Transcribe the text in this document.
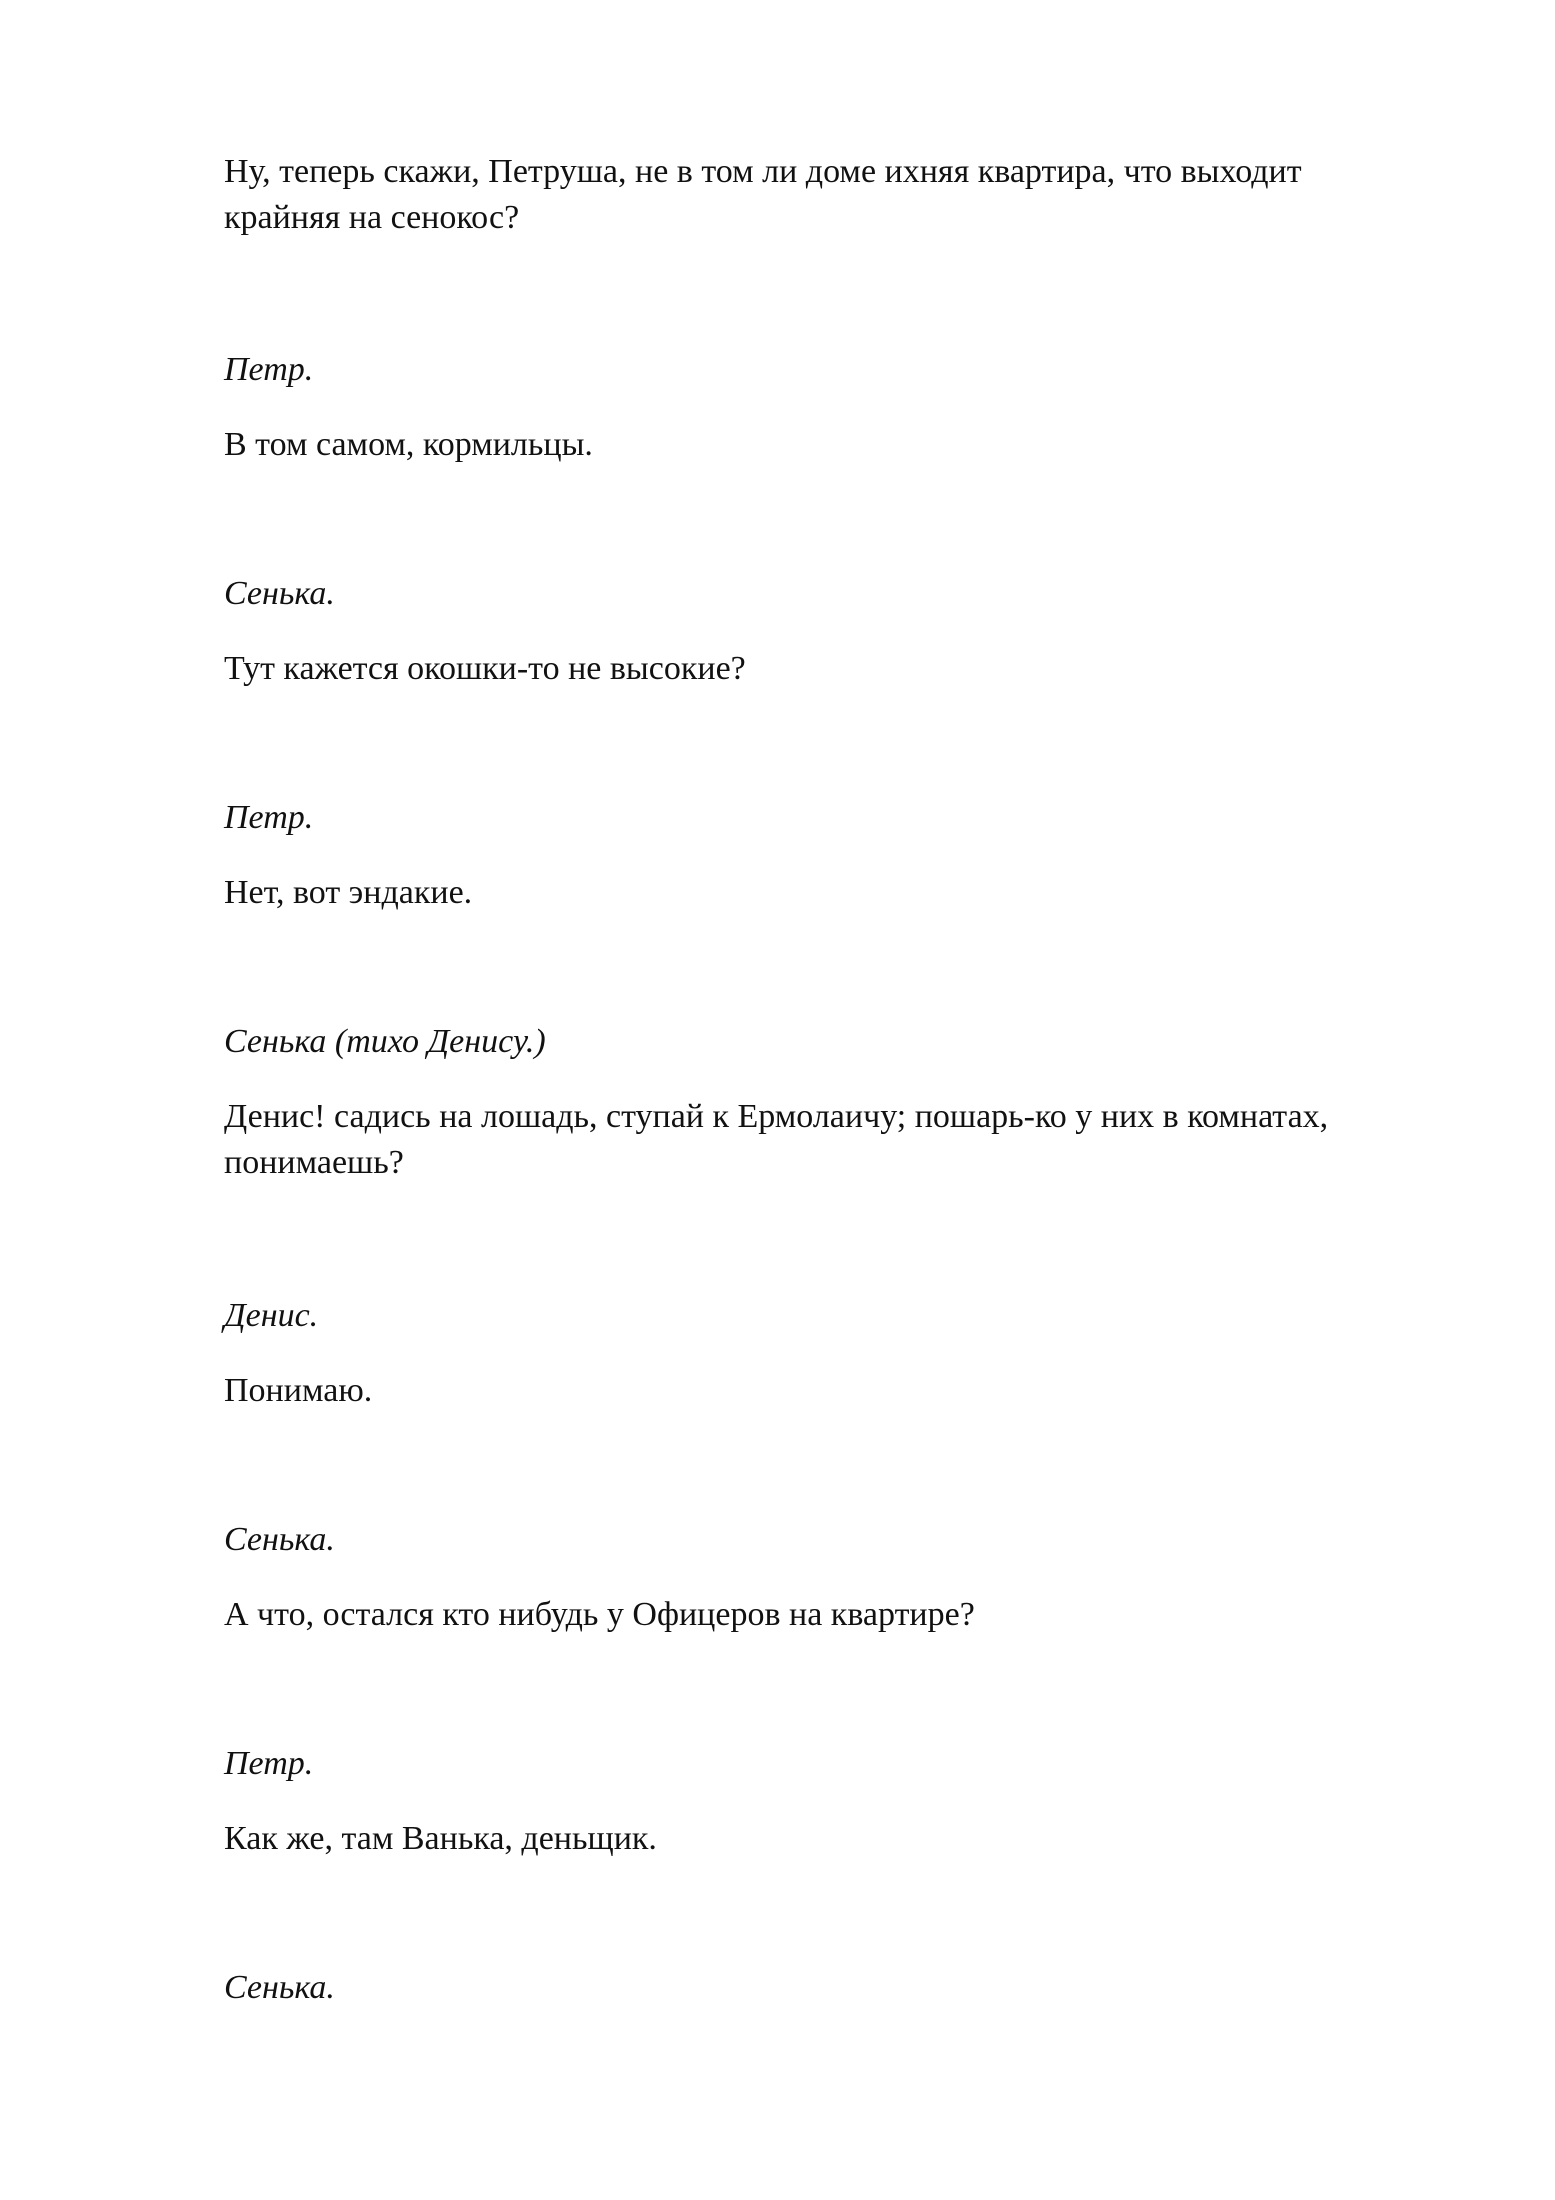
Ну, теперь скажи, Петруша, не в том ли доме ихняя квартира, что выходит
крайняя на сенокос?

Петр.

В том самом, кормильцы.

Сенька.

Тут кажется окошки-то не высокие?

Петр.

Нет, вот эндакие.

Сенька (тихо Денису.)

Денис! садись на лошадь, ступай к Ермолаичу; пошарь-ко у них в комнатах,
понимаешь?

Денис.

Понимаю.

Сенька.

А что, остался кто нибудь у Офицеров на квартире?

Петр.

Как же, там Ванька, деньщик.

Сенька.
